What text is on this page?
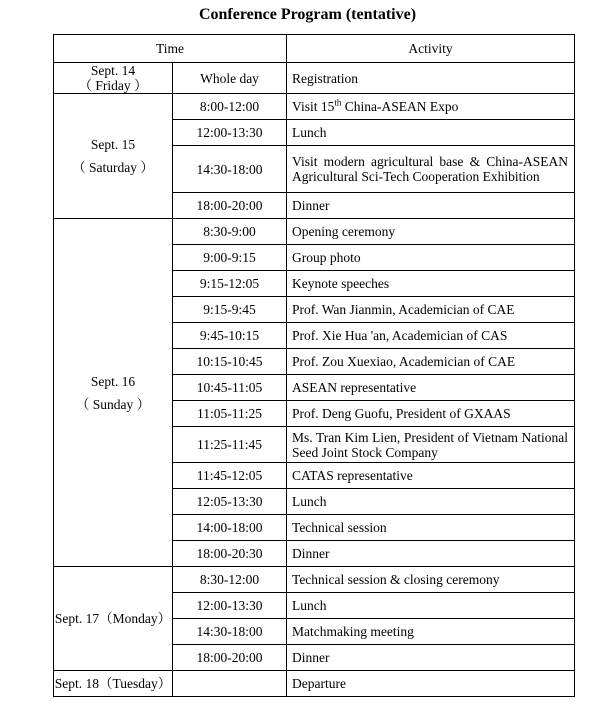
Conference Program (tentative)
Time		Activity

Sept. 14
（ Friday ）	Whole day	Registration

Sept. 15
（ Saturday ）	8:00-12:00	Visit 15th China-ASEAN Expo
	12:00-13:30	Lunch
	14:30-18:00	Visit modern agricultural base & China-ASEAN Agricultural Sci-Tech Cooperation Exhibition
	18:00-20:00	Dinner

Sept. 16
（ Sunday ）	8:30-9:00	Opening ceremony
	9:00-9:15	Group photo
	9:15-12:05	Keynote speeches
	9:15-9:45	Prof. Wan Jianmin, Academician of CAE
	9:45-10:15	Prof. Xie Hua 'an, Academician of CAS
	10:15-10:45	Prof. Zou Xuexiao, Academician of CAE
	10:45-11:05	ASEAN representative
	11:05-11:25	Prof. Deng Guofu, President of GXAAS
	11:25-11:45	Ms. Tran Kim Lien, President of Vietnam National Seed Joint Stock Company
	11:45-12:05	CATAS representative
	12:05-13:30	Lunch
	14:00-18:00	Technical session
	18:00-20:30	Dinner

Sept. 17（Monday）	8:30-12:00	Technical session & closing ceremony
	12:00-13:30	Lunch
	14:30-18:00	Matchmaking meeting
	18:00-20:00	Dinner

Sept. 18（Tuesday）		Departure
